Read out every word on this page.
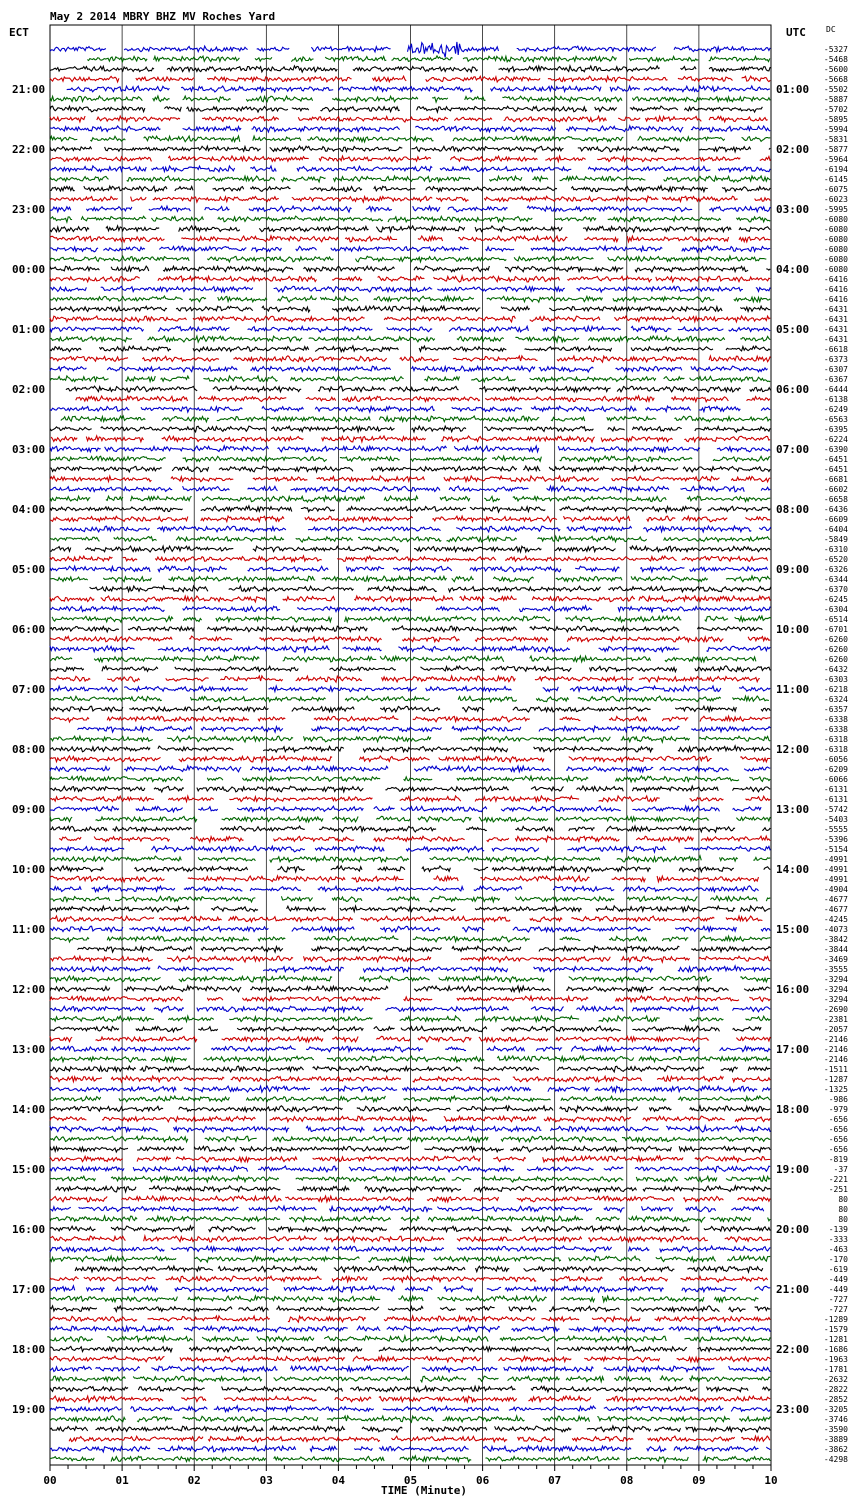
May 2 2014 MBRY BHZ MV Roches Yard
ECT	UTC	DC
21:00
22:00
23:00
00:00
01:00
02:00
03:00
04:00
05:00
06:00
07:00
08:00
09:00
10:00
11:00
12:00
13:00
14:00
15:00
16:00
17:00
18:00
19:00
01:00
02:00
03:00
04:00
05:00
06:00
07:00
08:00
09:00
10:00
11:00
12:00
13:00
14:00
15:00
16:00
17:00
18:00
19:00
20:00
21:00
22:00
23:00
-5327
-5468
-5600
-5668
-5502
-5887
-5702
-5895
-5994
-5831
-5877
-5964
-6194
-6145
-6075
-6023
-5995
-6080
-6080
-6080
-6080
-6080
-6080
-6416
-6416
-6416
-6431
-6431
-6431
-6431
-6618
-6373
-6307
-6367
-6444
-6138
-6249
-6563
-6395
-6224
-6390
-6451
-6451
-6681
-6602
-6658
-6436
-6609
-6404
-5849
-6310
-6520
-6326
-6344
-6370
-6245
-6304
-6514
-6701
-6260
-6260
-6260
-6432
-6303
-6218
-6324
-6357
-6338
-6338
-6318
-6318
-6056
-6209
-6066
-6131
-6131
-5742
-5403
-5555
-5396
-5154
-4991
-4991
-4991
-4904
-4677
-4677
-4245
-4073
-3842
-3844
-3469
-3555
-3294
-3294
-3294
-2690
-2381
-2057
-2146
-2146
-2146
-1511
-1287
-1325
-986
-979
-656
-656
-656
-656
-819
-37
-221
-251
80
80
80
-139
-333
-463
-170
-619
-449
-449
-727
-727
-1289
-1579
-1281
-1686
-1963
-1781
-2632
-2822
-2852
-3205
-3746
-3590
-3889
-3862
-4298
00	01	02	03	04	05	06	07	08	09	10
TIME (Minute)
